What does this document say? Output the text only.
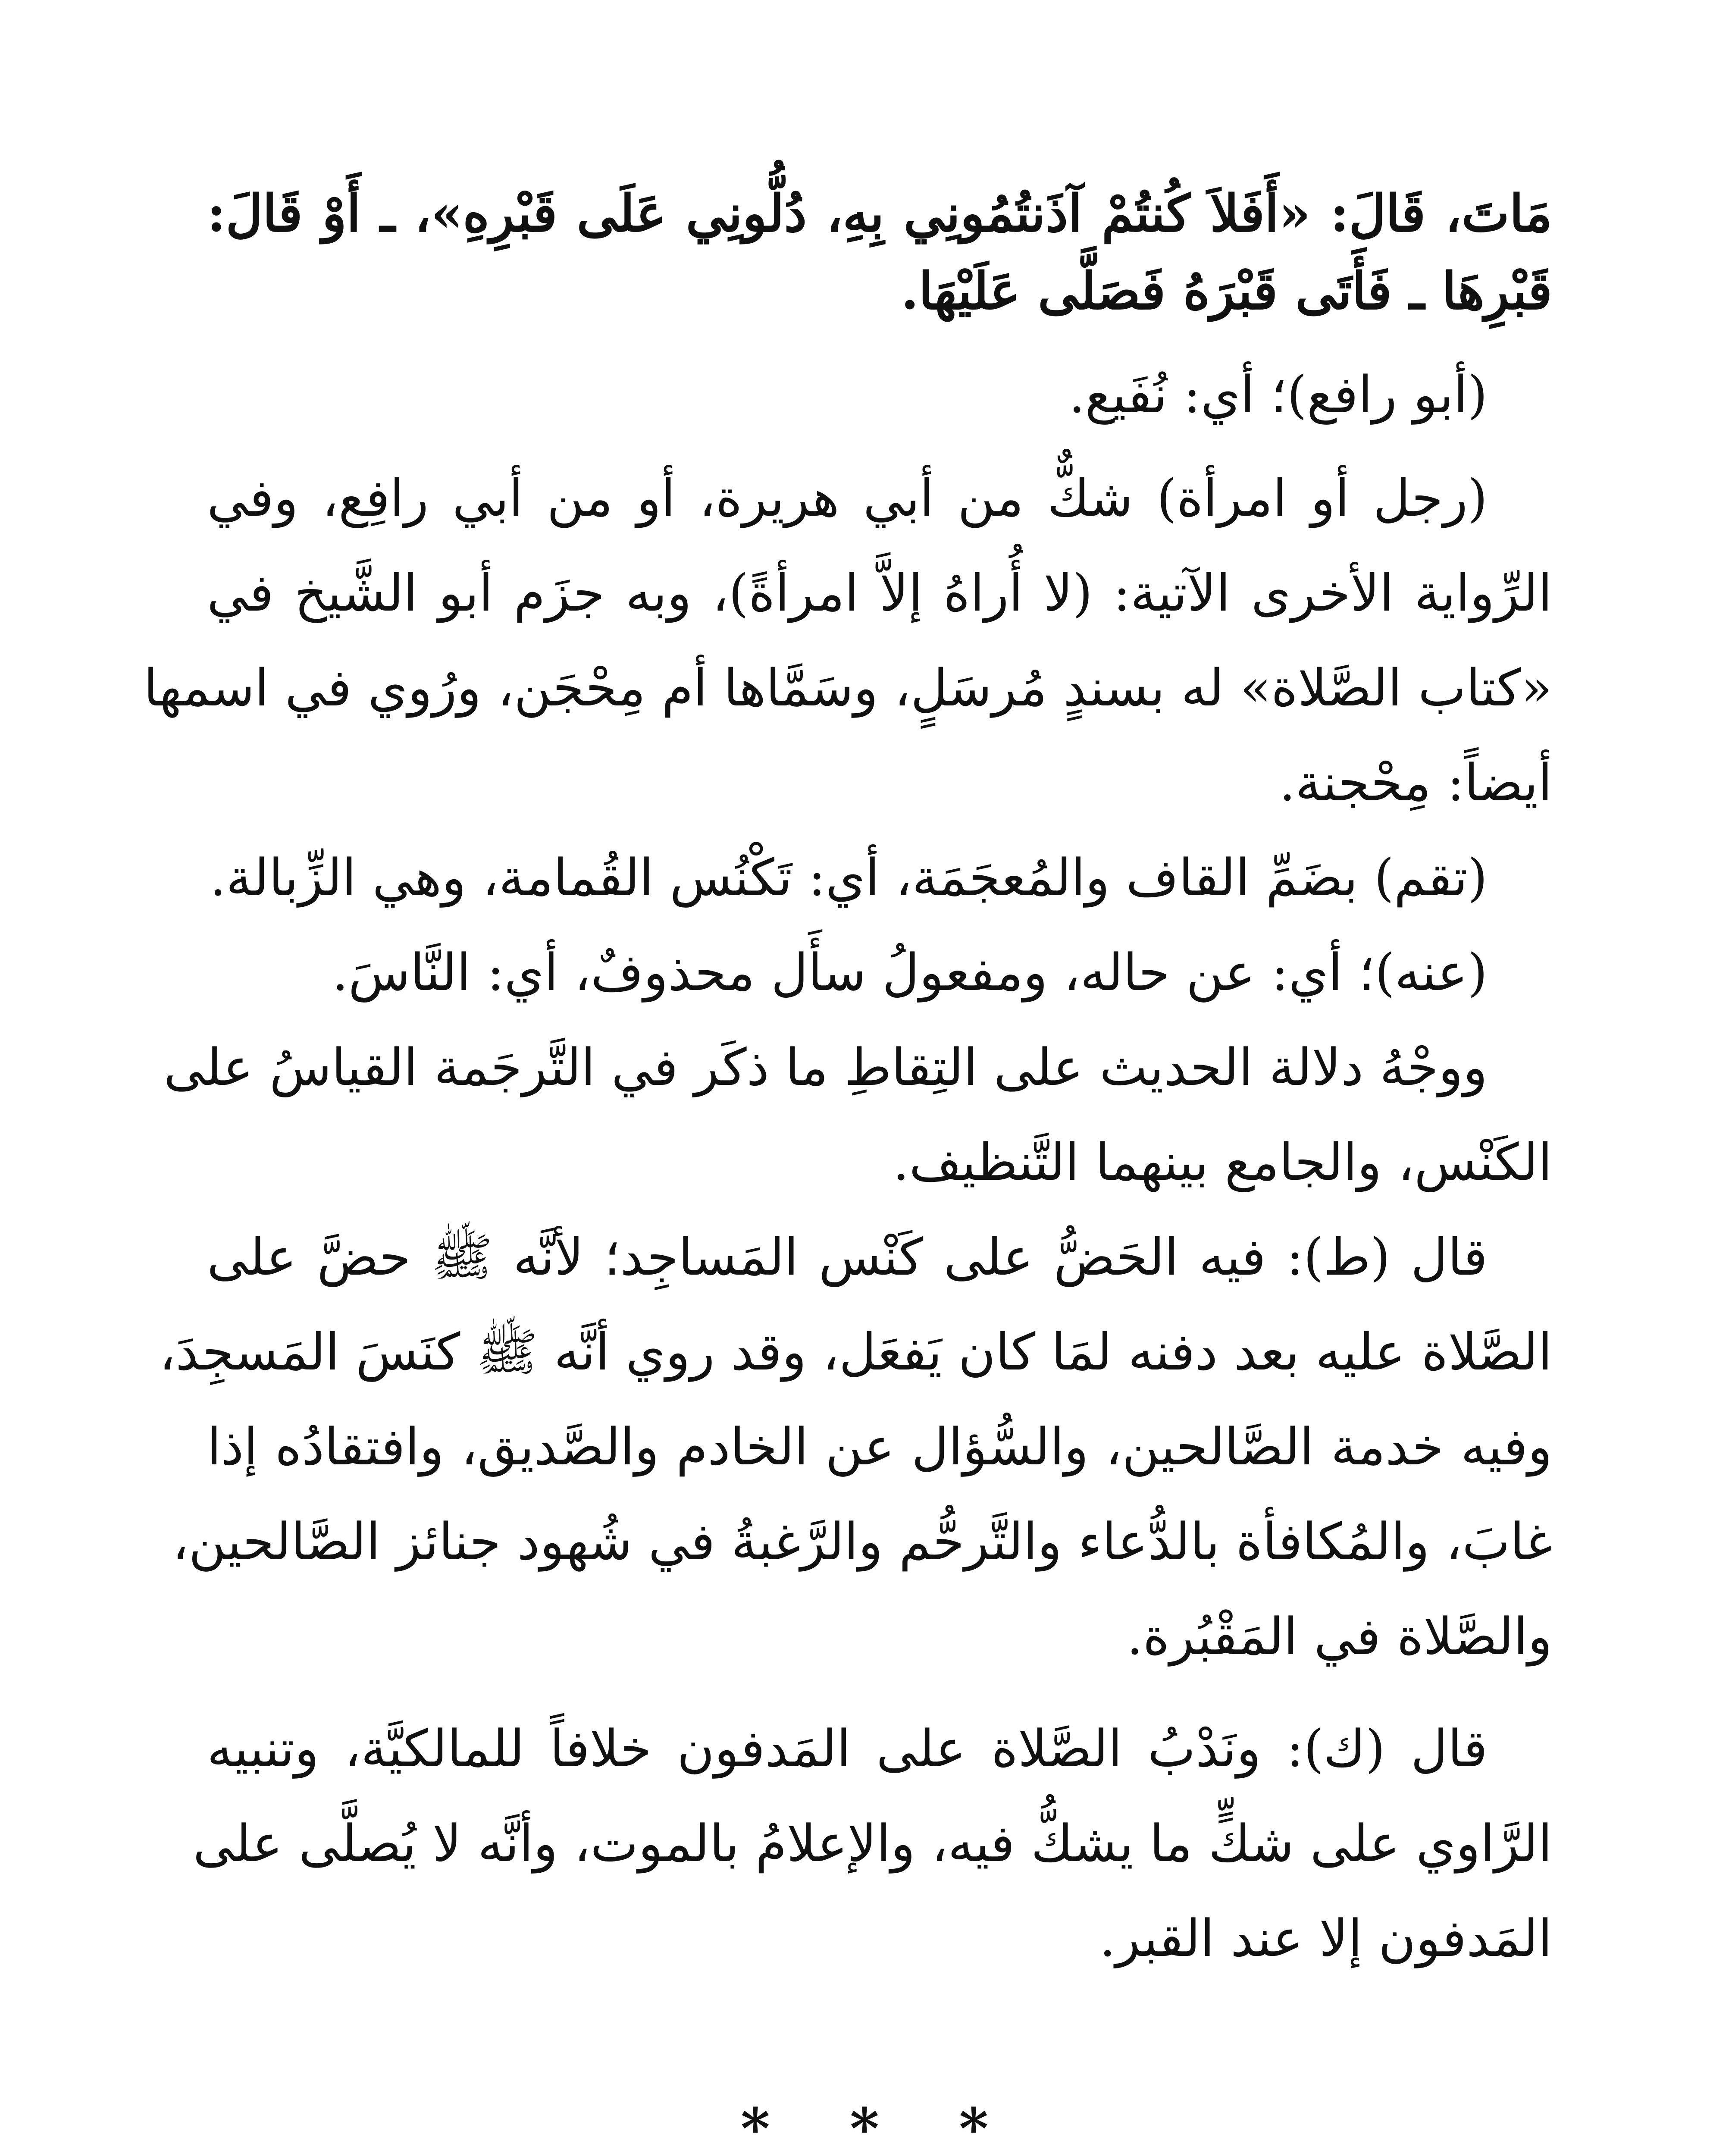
مَاتَ، قَالَ: «أَفَلاَ كُنتُمْ آذَنتُمُونِي بِهِ، دُلُّونِي عَلَى قَبْرِهِ»، ـ أَوْ قَالَ:
قَبْرِهَا ـ فَأَتَى قَبْرَهُ فَصَلَّى عَلَيْهَا.
(أبو رافع)؛ أي: نُفَيع.
(رجل أو امرأة) شكٌّ من أبي هريرة، أو من أبي رافِع، وفي
الرِّواية الأخرى الآتية: (لا أُراهُ إلاَّ امرأةً)، وبه جزَم أبو الشَّيخ في
«كتاب الصَّلاة» له بسندٍ مُرسَلٍ، وسَمَّاها أم مِحْجَن، ورُوي في اسمها
أيضاً: مِحْجنة.
(تقم) بضَمِّ القاف والمُعجَمَة، أي: تَكْنُس القُمامة، وهي الزِّبالة.
(عنه)؛ أي: عن حاله، ومفعولُ سأَل محذوفٌ، أي: النَّاسَ.
ووجْهُ دلالة الحديث على التِقاطِ ما ذكَر في التَّرجَمة القياسُ على
الكَنْس، والجامع بينهما التَّنظيف.
قال (ط): فيه الحَضُّ على كَنْس المَساجِد؛ لأنَّه ﷺ حضَّ على
الصَّلاة عليه بعد دفنه لمَا كان يَفعَل، وقد روي أنَّه ﷺ كنَسَ المَسجِدَ،
وفيه خدمة الصَّالحين، والسُّؤال عن الخادم والصَّديق، وافتقادُه إذا
غابَ، والمُكافأة بالدُّعاء والتَّرحُّم والرَّغبةُ في شُهود جنائز الصَّالحين،
والصَّلاة في المَقْبُرة.
قال (ك): ونَدْبُ الصَّلاة على المَدفون خلافاً للمالكيَّة، وتنبيه
الرَّاوي على شكٍّ ما يشكُّ فيه، والإعلامُ بالموت، وأنَّه لا يُصلَّى على
المَدفون إلا عند القبر.
* * *
